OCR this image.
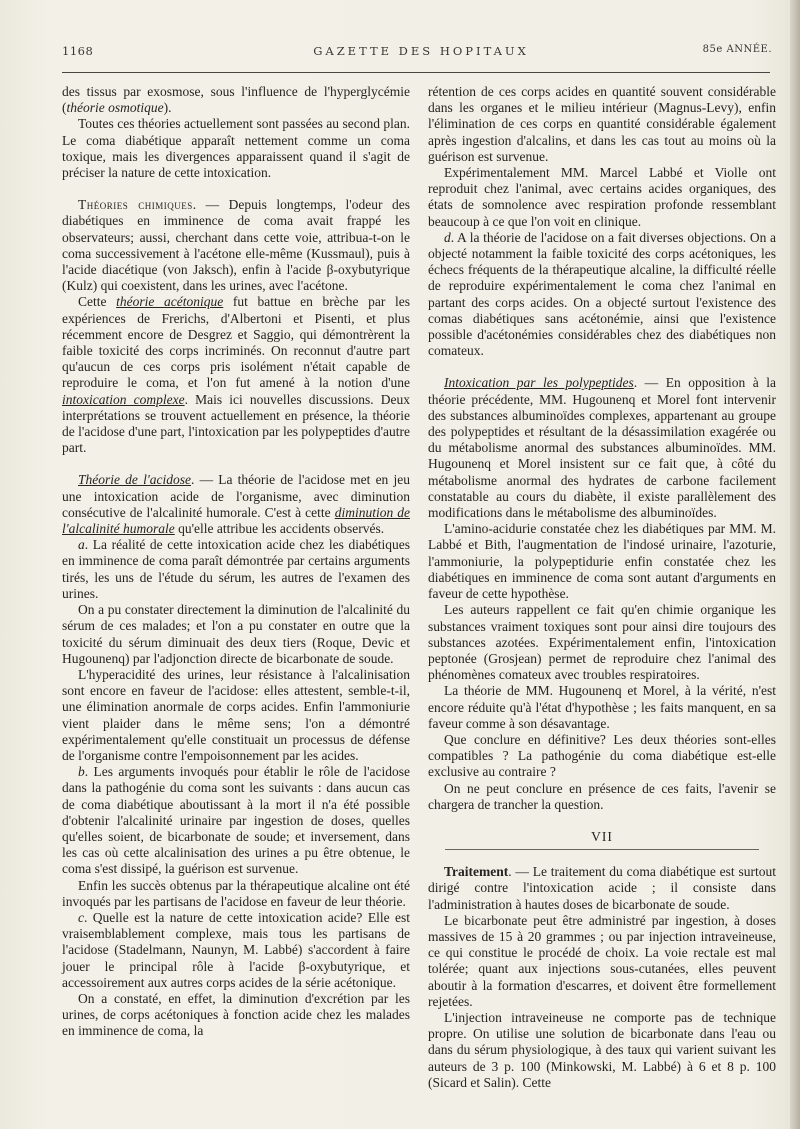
1168	GAZETTE DES HOPITAUX	85e ANNÉE.

des tissus par exosmose, sous l'influence de l'hyperglycémie (théorie osmotique).

Toutes ces théories actuellement sont passées au second plan. Le coma diabétique apparaît nettement comme un coma toxique, mais les divergences apparaissent quand il s'agit de préciser la nature de cette intoxication.

Théories chimiques. — Depuis longtemps, l'odeur des diabétiques en imminence de coma avait frappé les observateurs; aussi, cherchant dans cette voie, attribua-t-on le coma successivement à l'acétone elle-même (Kussmaul), puis à l'acide diacétique (von Jaksch), enfin à l'acide β-oxybutyrique (Kulz) qui coexistent, dans les urines, avec l'acétone.

Cette théorie acétonique fut battue en brèche par les expériences de Frerichs, d'Albertoni et Pisenti, et plus récemment encore de Desgrez et Saggio, qui démontrèrent la faible toxicité des corps incriminés. On reconnut d'autre part qu'aucun de ces corps pris isolément n'était capable de reproduire le coma, et l'on fut amené à la notion d'une intoxication complexe. Mais ici nouvelles discussions. Deux interprétations se trouvent actuellement en présence, la théorie de l'acidose d'une part, l'intoxication par les polypeptides d'autre part.

Théorie de l'acidose. — La théorie de l'acidose met en jeu une intoxication acide de l'organisme, avec diminution consécutive de l'alcalinité humorale. C'est à cette diminution de l'alcalinité humorale qu'elle attribue les accidents observés.

a. La réalité de cette intoxication acide chez les diabétiques en imminence de coma paraît démontrée par certains arguments tirés, les uns de l'étude du sérum, les autres de l'examen des urines.

On a pu constater directement la diminution de l'alcalinité du sérum de ces malades; et l'on a pu constater en outre que la toxicité du sérum diminuait des deux tiers (Roque, Devic et Hugounenq) par l'adjonction directe de bicarbonate de soude.

L'hyperacidité des urines, leur résistance à l'alcalinisation sont encore en faveur de l'acidose: elles attestent, semble-t-il, une élimination anormale de corps acides. Enfin l'ammoniurie vient plaider dans le même sens; l'on a démontré expérimentalement qu'elle constituait un processus de défense de l'organisme contre l'empoisonnement par les acides.

b. Les arguments invoqués pour établir le rôle de l'acidose dans la pathogénie du coma sont les suivants : dans aucun cas de coma diabétique aboutissant à la mort il n'a été possible d'obtenir l'alcalinité urinaire par ingestion de doses, quelles qu'elles soient, de bicarbonate de soude; et inversement, dans les cas où cette alcalinisation des urines a pu être obtenue, le coma s'est dissipé, la guérison est survenue.

Enfin les succès obtenus par la thérapeutique alcaline ont été invoqués par les partisans de l'acidose en faveur de leur théorie.

c. Quelle est la nature de cette intoxication acide? Elle est vraisemblablement complexe, mais tous les partisans de l'acidose (Stadelmann, Naunyn, M. Labbé) s'accordent à faire jouer le principal rôle à l'acide β-oxybutyrique, et accessoirement aux autres corps acides de la série acétonique.

On a constaté, en effet, la diminution d'excrétion par les urines, de corps acétoniques à fonction acide chez les malades en imminence de coma, la

rétention de ces corps acides en quantité souvent considérable dans les organes et le milieu intérieur (Magnus-Levy), enfin l'élimination de ces corps en quantité considérable également après ingestion d'alcalins, et dans les cas tout au moins où la guérison est survenue.

Expérimentalement MM. Marcel Labbé et Violle ont reproduit chez l'animal, avec certains acides organiques, des états de somnolence avec respiration profonde ressemblant beaucoup à ce que l'on voit en clinique.

d. A la théorie de l'acidose on a fait diverses objections. On a objecté notamment la faible toxicité des corps acétoniques, les échecs fréquents de la thérapeutique alcaline, la difficulté réelle de reproduire expérimentalement le coma chez l'animal en partant des corps acides. On a objecté surtout l'existence des comas diabétiques sans acétonémie, ainsi que l'existence possible d'acétonémies considérables chez des diabétiques non comateux.

Intoxication par les polypeptides. — En opposition à la théorie précédente, MM. Hugounenq et Morel font intervenir des substances albuminoïdes complexes, appartenant au groupe des polypeptides et résultant de la désassimilation exagérée ou du métabolisme anormal des substances albuminoïdes. MM. Hugounenq et Morel insistent sur ce fait que, à côté du métabolisme anormal des hydrates de carbone facilement constatable au cours du diabète, il existe parallèlement des modifications dans le métabolisme des albuminoïdes.

L'amino-acidurie constatée chez les diabétiques par MM. M. Labbé et Bith, l'augmentation de l'indosé urinaire, l'azoturie, l'ammoniurie, la polypeptidurie enfin constatée chez les diabétiques en imminence de coma sont autant d'arguments en faveur de cette hypothèse.

Les auteurs rappellent ce fait qu'en chimie organique les substances vraiment toxiques sont pour ainsi dire toujours des substances azotées. Expérimentalement enfin, l'intoxication peptonée (Grosjean) permet de reproduire chez l'animal des phénomènes comateux avec troubles respiratoires.

La théorie de MM. Hugounenq et Morel, à la vérité, n'est encore réduite qu'à l'état d'hypothèse ; les faits manquent, en sa faveur comme à son désavantage.

Que conclure en définitive? Les deux théories sont-elles compatibles ? La pathogénie du coma diabétique est-elle exclusive au contraire ?

On ne peut conclure en présence de ces faits, l'avenir se chargera de trancher la question.

VII

Traitement. — Le traitement du coma diabétique est surtout dirigé contre l'intoxication acide ; il consiste dans l'administration à hautes doses de bicarbonate de soude.

Le bicarbonate peut être administré par ingestion, à doses massives de 15 à 20 grammes ; ou par injection intraveineuse, ce qui constitue le procédé de choix. La voie rectale est mal tolérée; quant aux injections sous-cutanées, elles peuvent aboutir à la formation d'escarres, et doivent être formellement rejetées.

L'injection intraveineuse ne comporte pas de technique propre. On utilise une solution de bicarbonate dans l'eau ou dans du sérum physiologique, à des taux qui varient suivant les auteurs de 3 p. 100 (Minkowski, M. Labbé) à 6 et 8 p. 100 (Sicard et Salin). Cette
